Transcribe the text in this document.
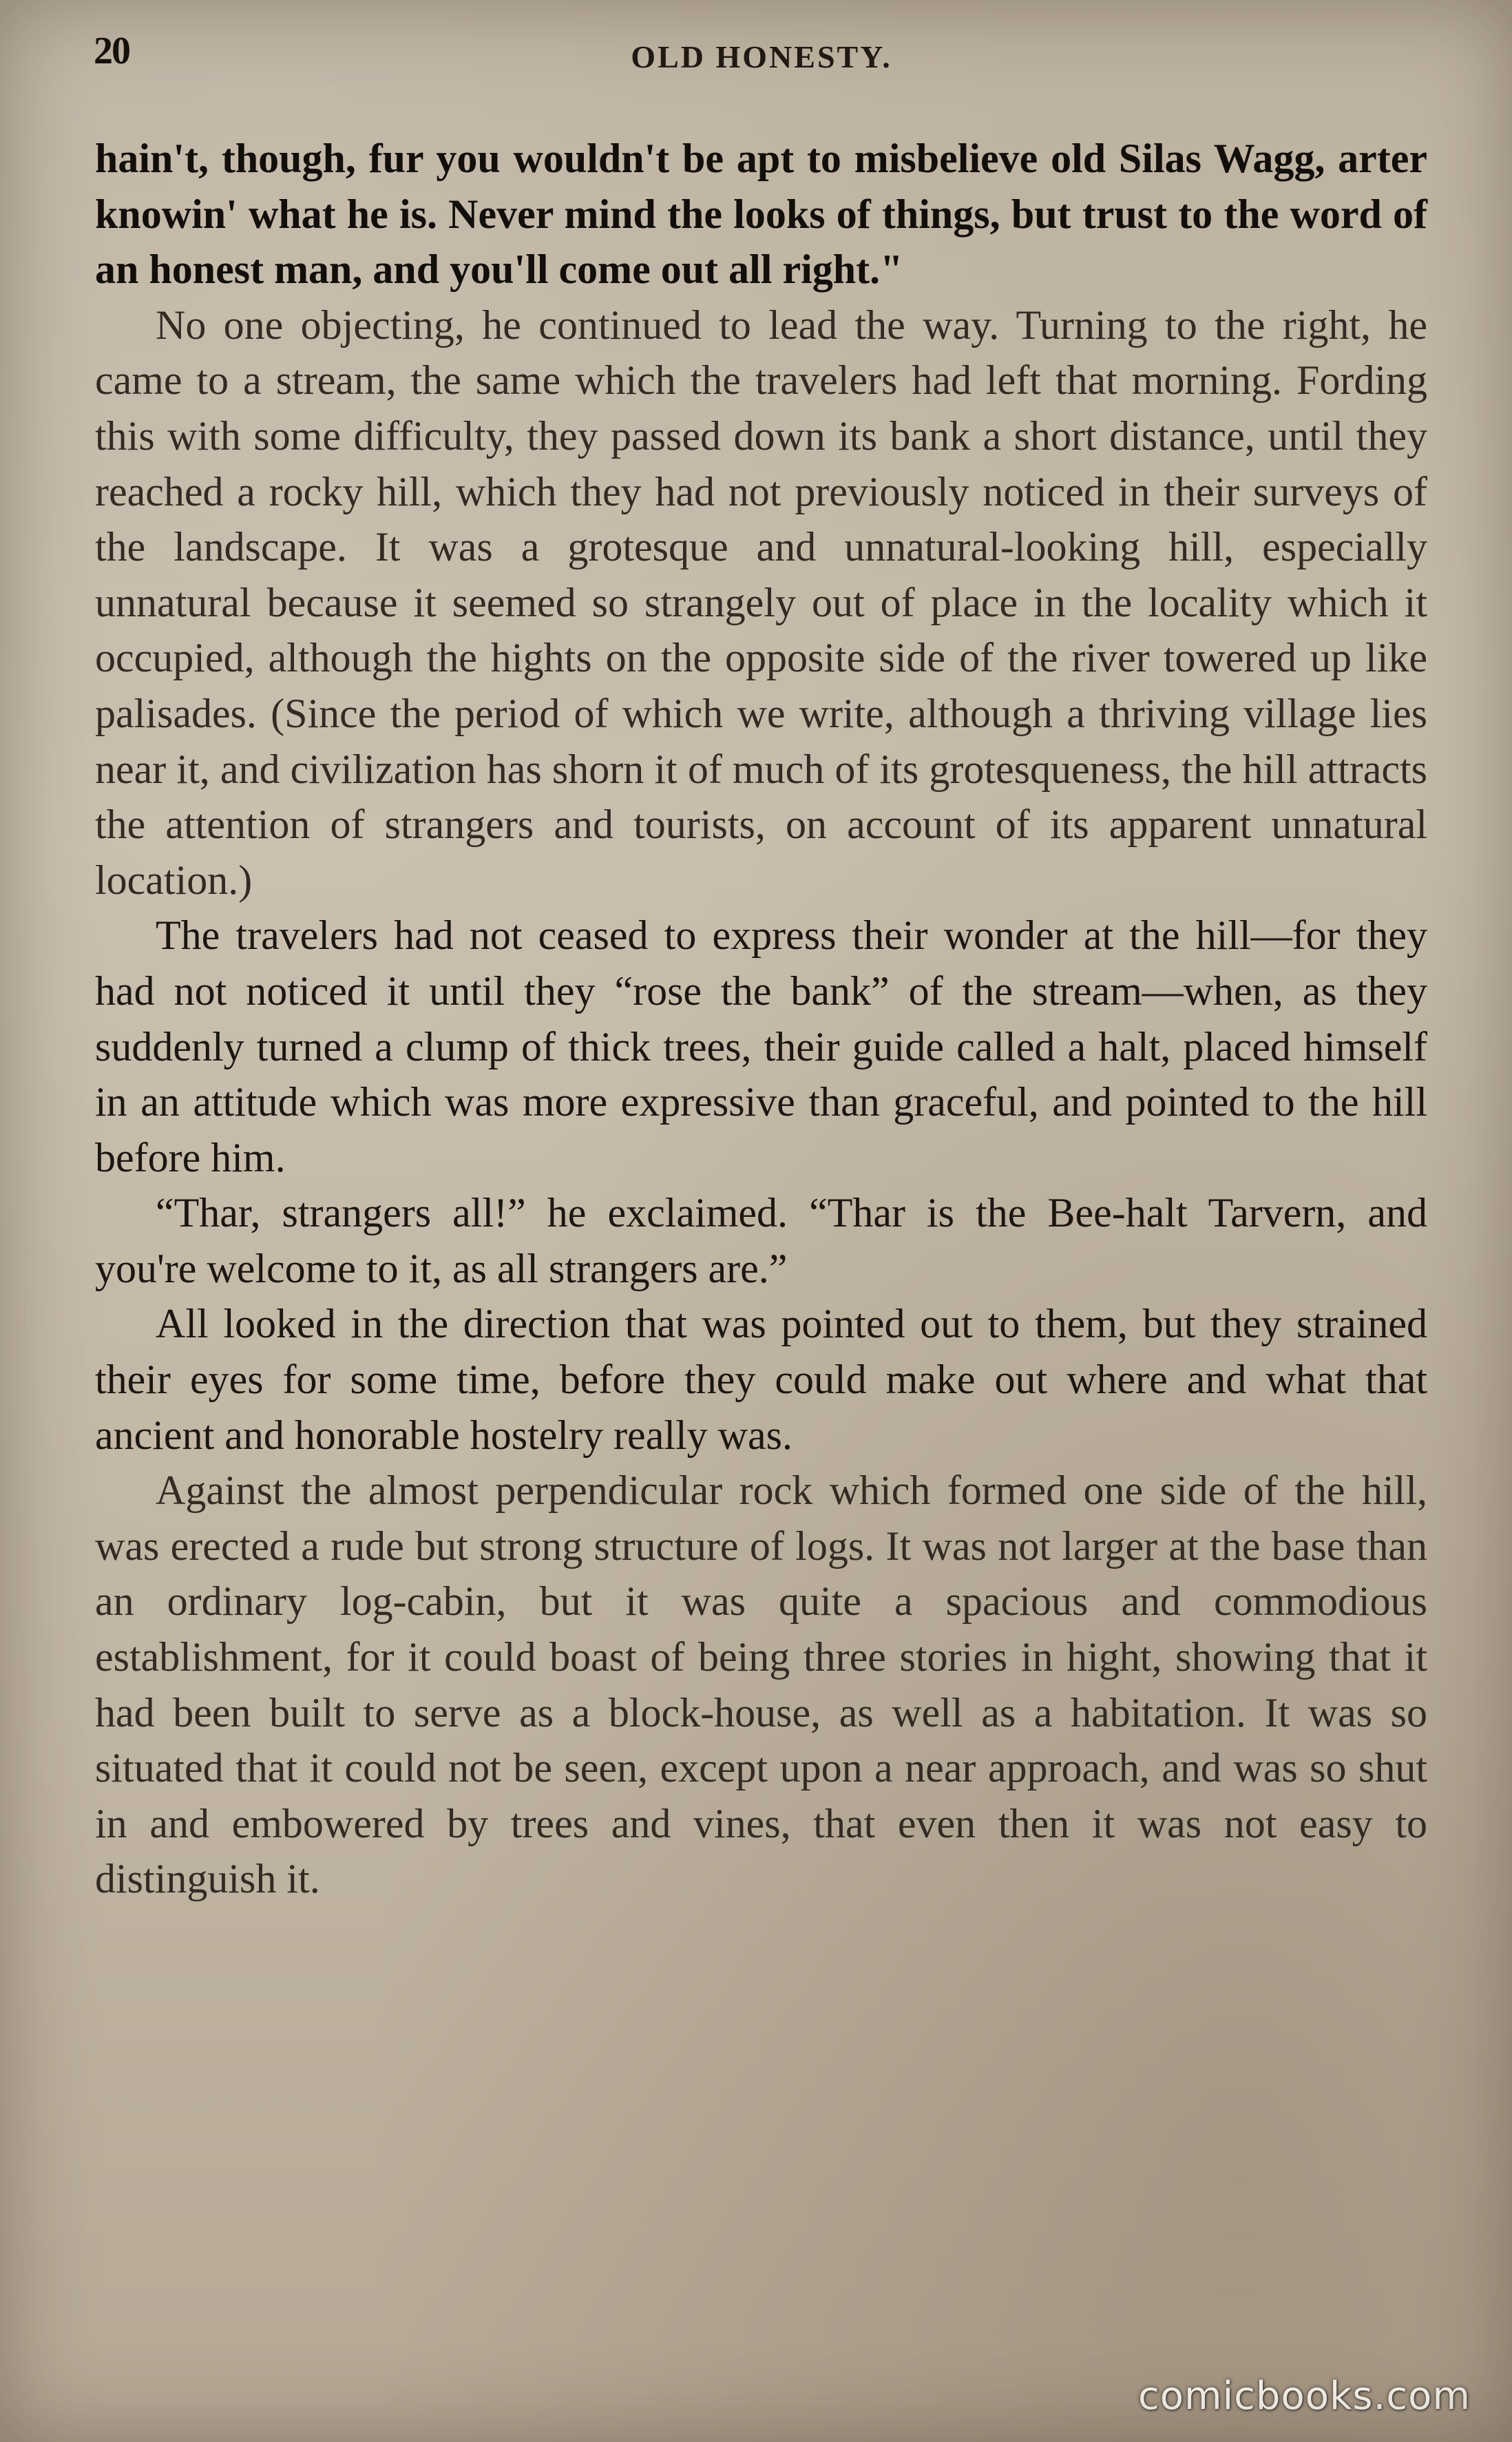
20	OLD HONESTY.

hain't, though, fur you wouldn't be apt to misbelieve old Silas Wagg, arter knowin' what he is. Never mind the looks of things, but trust to the word of an honest man, and you'll come out all right."

No one objecting, he continued to lead the way. Turning to the right, he came to a stream, the same which the travelers had left that morning. Fording this with some difficulty, they passed down its bank a short distance, until they reached a rocky hill, which they had not previously noticed in their surveys of the landscape. It was a grotesque and unnatural-looking hill, especially unnatural because it seemed so strangely out of place in the locality which it occupied, although the hights on the opposite side of the river towered up like palisades. (Since the period of which we write, although a thriving village lies near it, and civilization has shorn it of much of its grotesqueness, the hill attracts the attention of strangers and tourists, on account of its apparent unnatural location.)

The travelers had not ceased to express their wonder at the hill—for they had not noticed it until they “rose the bank” of the stream—when, as they suddenly turned a clump of thick trees, their guide called a halt, placed himself in an attitude which was more expressive than graceful, and pointed to the hill before him.

“Thar, strangers all!” he exclaimed. “Thar is the Bee-halt Tarvern, and you're welcome to it, as all strangers are.”

All looked in the direction that was pointed out to them, but they strained their eyes for some time, before they could make out where and what that ancient and honorable hostelry really was.

Against the almost perpendicular rock which formed one side of the hill, was erected a rude but strong structure of logs. It was not larger at the base than an ordinary log-cabin, but it was quite a spacious and commodious establishment, for it could boast of being three stories in hight, showing that it had been built to serve as a block-house, as well as a habitation. It was so situated that it could not be seen, except upon a near approach, and was so shut in and embowered by trees and vines, that even then it was not easy to distinguish it.

comicbooks.com
